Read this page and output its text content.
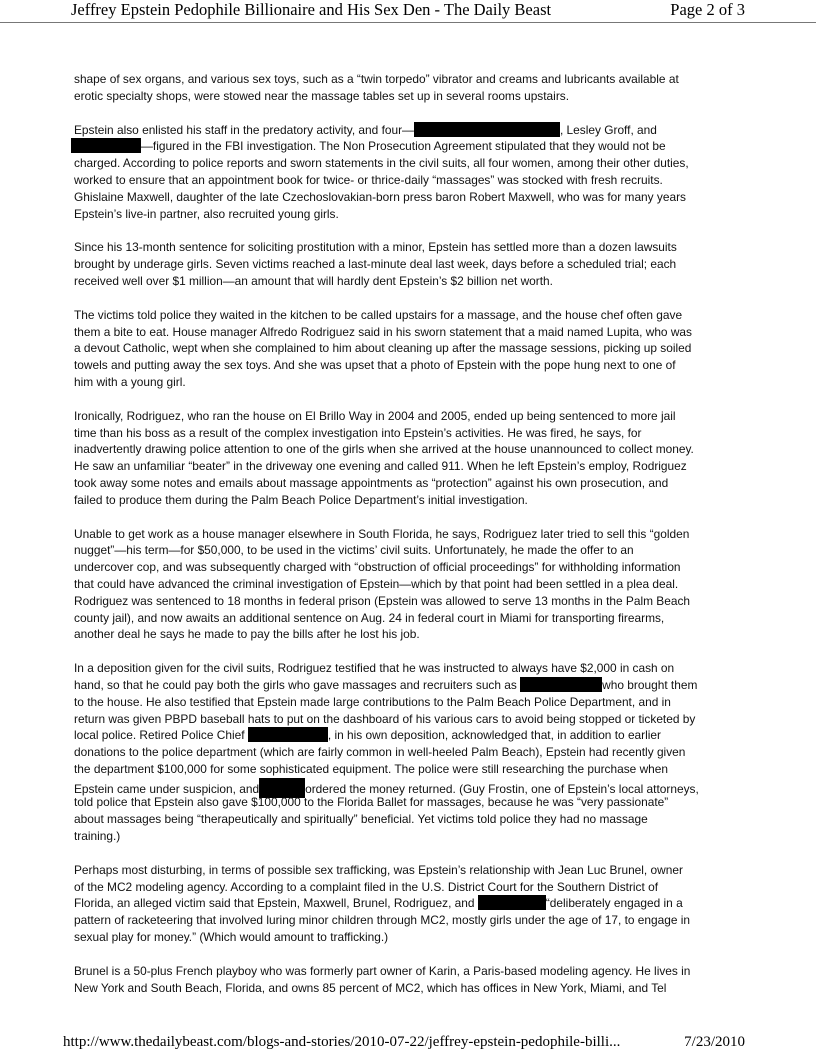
Jeffrey Epstein Pedophile Billionaire and His Sex Den - The Daily Beast	Page 2 of 3

shape of sex organs, and various sex toys, such as a “twin torpedo” vibrator and creams and lubricants available at
erotic specialty shops, were stowed near the massage tables set up in several rooms upstairs.

Epstein also enlisted his staff in the predatory activity, and four—	, Lesley Groff, and
—figured in the FBI investigation. The Non Prosecution Agreement stipulated that they would not be
charged. According to police reports and sworn statements in the civil suits, all four women, among their other duties,
worked to ensure that an appointment book for twice- or thrice-daily “massages” was stocked with fresh recruits.
Ghislaine Maxwell, daughter of the late Czechoslovakian-born press baron Robert Maxwell, who was for many years
Epstein’s live-in partner, also recruited young girls.

Since his 13-month sentence for soliciting prostitution with a minor, Epstein has settled more than a dozen lawsuits
brought by underage girls. Seven victims reached a last-minute deal last week, days before a scheduled trial; each
received well over $1 million—an amount that will hardly dent Epstein’s $2 billion net worth.

The victims told police they waited in the kitchen to be called upstairs for a massage, and the house chef often gave
them a bite to eat. House manager Alfredo Rodriguez said in his sworn statement that a maid named Lupita, who was
a devout Catholic, wept when she complained to him about cleaning up after the massage sessions, picking up soiled
towels and putting away the sex toys. And she was upset that a photo of Epstein with the pope hung next to one of
him with a young girl.

Ironically, Rodriguez, who ran the house on El Brillo Way in 2004 and 2005, ended up being sentenced to more jail
time than his boss as a result of the complex investigation into Epstein’s activities. He was fired, he says, for
inadvertently drawing police attention to one of the girls when she arrived at the house unannounced to collect money.
He saw an unfamiliar “beater” in the driveway one evening and called 911. When he left Epstein’s employ, Rodriguez
took away some notes and emails about massage appointments as “protection” against his own prosecution, and
failed to produce them during the Palm Beach Police Department’s initial investigation.

Unable to get work as a house manager elsewhere in South Florida, he says, Rodriguez later tried to sell this “golden
nugget”—his term—for $50,000, to be used in the victims’ civil suits. Unfortunately, he made the offer to an
undercover cop, and was subsequently charged with “obstruction of official proceedings” for withholding information
that could have advanced the criminal investigation of Epstein—which by that point had been settled in a plea deal.
Rodriguez was sentenced to 18 months in federal prison (Epstein was allowed to serve 13 months in the Palm Beach
county jail), and now awaits an additional sentence on Aug. 24 in federal court in Miami for transporting firearms,
another deal he says he made to pay the bills after he lost his job.

In a deposition given for the civil suits, Rodriguez testified that he was instructed to always have $2,000 in cash on
hand, so that he could pay both the girls who gave massages and recruiters such as	who brought them
to the house. He also testified that Epstein made large contributions to the Palm Beach Police Department, and in
return was given PBPD baseball hats to put on the dashboard of his various cars to avoid being stopped or ticketed by
local police. Retired Police Chief	, in his own deposition, acknowledged that, in addition to earlier
donations to the police department (which are fairly common in well-heeled Palm Beach), Epstein had recently given
the department $100,000 for some sophisticated equipment. The police were still researching the purchase when
Epstein came under suspicion, and	ordered the money returned. (Guy Frostin, one of Epstein’s local attorneys,
told police that Epstein also gave $100,000 to the Florida Ballet for massages, because he was “very passionate”
about massages being “therapeutically and spiritually” beneficial. Yet victims told police they had no massage
training.)

Perhaps most disturbing, in terms of possible sex trafficking, was Epstein’s relationship with Jean Luc Brunel, owner
of the MC2 modeling agency. According to a complaint filed in the U.S. District Court for the Southern District of
Florida, an alleged victim said that Epstein, Maxwell, Brunel, Rodriguez, and	“deliberately engaged in a
pattern of racketeering that involved luring minor children through MC2, mostly girls under the age of 17, to engage in
sexual play for money.” (Which would amount to trafficking.)

Brunel is a 50-plus French playboy who was formerly part owner of Karin, a Paris-based modeling agency. He lives in
New York and South Beach, Florida, and owns 85 percent of MC2, which has offices in New York, Miami, and Tel

http://www.thedailybeast.com/blogs-and-stories/2010-07-22/jeffrey-epstein-pedophile-billi...	7/23/2010
